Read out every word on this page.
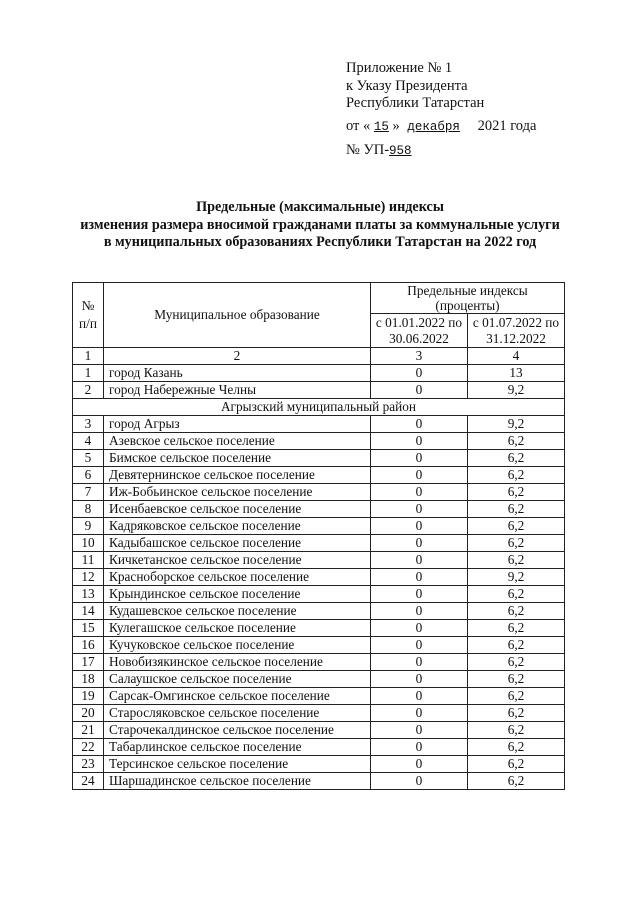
Приложение № 1
к Указу Президента
Республики Татарстан
от « 15 » декабря 2021 года
№ УП-958
Предельные (максимальные) индексы
изменения размера вносимой гражданами платы за коммунальные услуги
в муниципальных образованиях Республики Татарстан на 2022 год
№ п/п	Муниципальное образование	Предельные индексы (проценты)	
		с 01.01.2022 по 30.06.2022	с 01.07.2022 по 31.12.2022
1	2	3	4
1	город Казань	0	13
2	город Набережные Челны	0	9,2
Агрызский муниципальный район			
3	город Агрыз	0	9,2
4	Азевское сельское поселение	0	6,2
5	Бимское сельское поселение	0	6,2
6	Девятернинское сельское поселение	0	6,2
7	Иж-Бобьинское сельское поселение	0	6,2
8	Исенбаевское сельское поселение	0	6,2
9	Кадряковское сельское поселение	0	6,2
10	Кадыбашское сельское поселение	0	6,2
11	Кичкетанское сельское поселение	0	6,2
12	Красноборское сельское поселение	0	9,2
13	Крындинское сельское поселение	0	6,2
14	Кудашевское сельское поселение	0	6,2
15	Кулегашское сельское поселение	0	6,2
16	Кучуковское сельское поселение	0	6,2
17	Новобизякинское сельское поселение	0	6,2
18	Салаушское сельское поселение	0	6,2
19	Сарсак-Омгинское сельское поселение	0	6,2
20	Старосляковское сельское поселение	0	6,2
21	Старочекалдинское сельское поселение	0	6,2
22	Табарлинское сельское поселение	0	6,2
23	Терсинское сельское поселение	0	6,2
24	Шаршадинское сельское поселение	0	6,2
